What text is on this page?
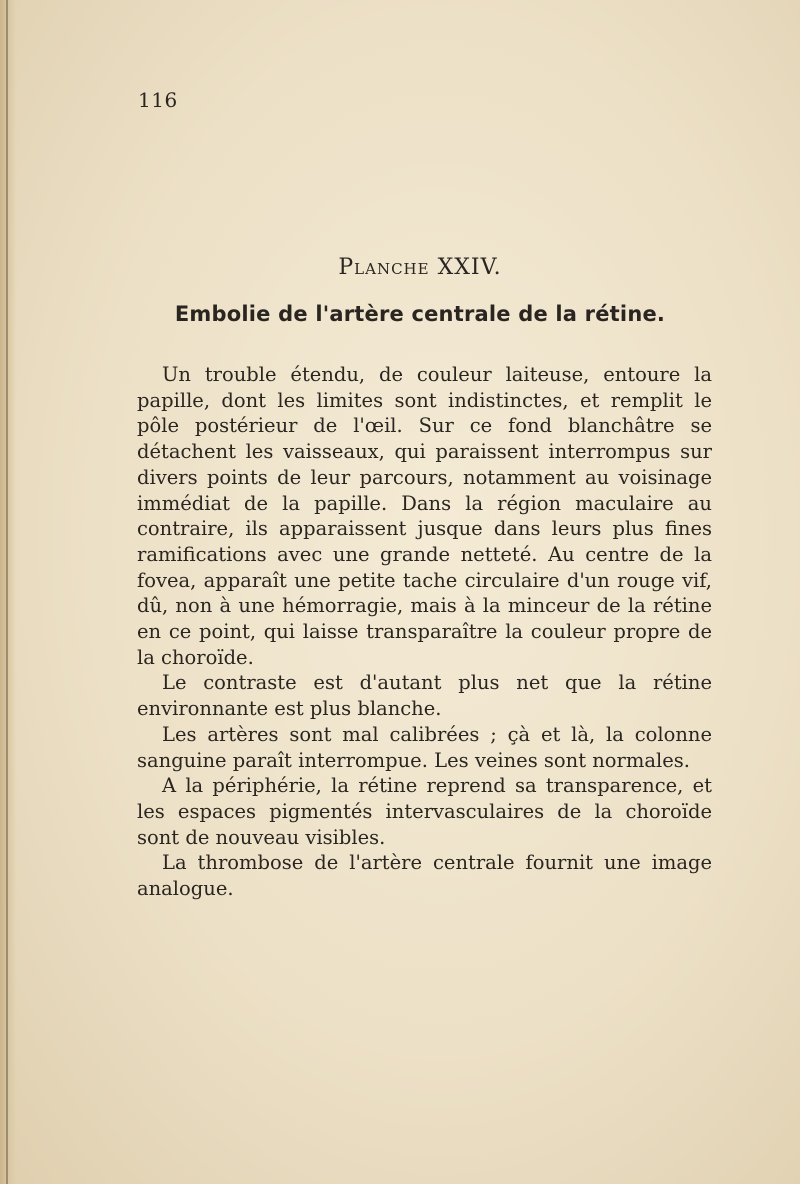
116
Planche XXIV.
Embolie de l'artère centrale de la rétine.

Un trouble étendu, de couleur laiteuse, entoure la papille, dont les limites sont indistinctes, et remplit le pôle postérieur de l'œil. Sur ce fond blanchâtre se détachent les vaisseaux, qui paraissent interrompus sur divers points de leur parcours, notamment au voisinage immédiat de la papille. Dans la région maculaire au contraire, ils apparaissent jusque dans leurs plus fines ramifications avec une grande netteté. Au centre de la fovea, apparaît une petite tache circulaire d'un rouge vif, dû, non à une hémorragie, mais à la minceur de la rétine en ce point, qui laisse transparaître la couleur propre de la choroïde.

Le contraste est d'autant plus net que la rétine environnante est plus blanche.

Les artères sont mal calibrées ; çà et là, la colonne sanguine paraît interrompue. Les veines sont normales.

A la périphérie, la rétine reprend sa transparence, et les espaces pigmentés intervasculaires de la choroïde sont de nouveau visibles.

La thrombose de l'artère centrale fournit une image analogue.
